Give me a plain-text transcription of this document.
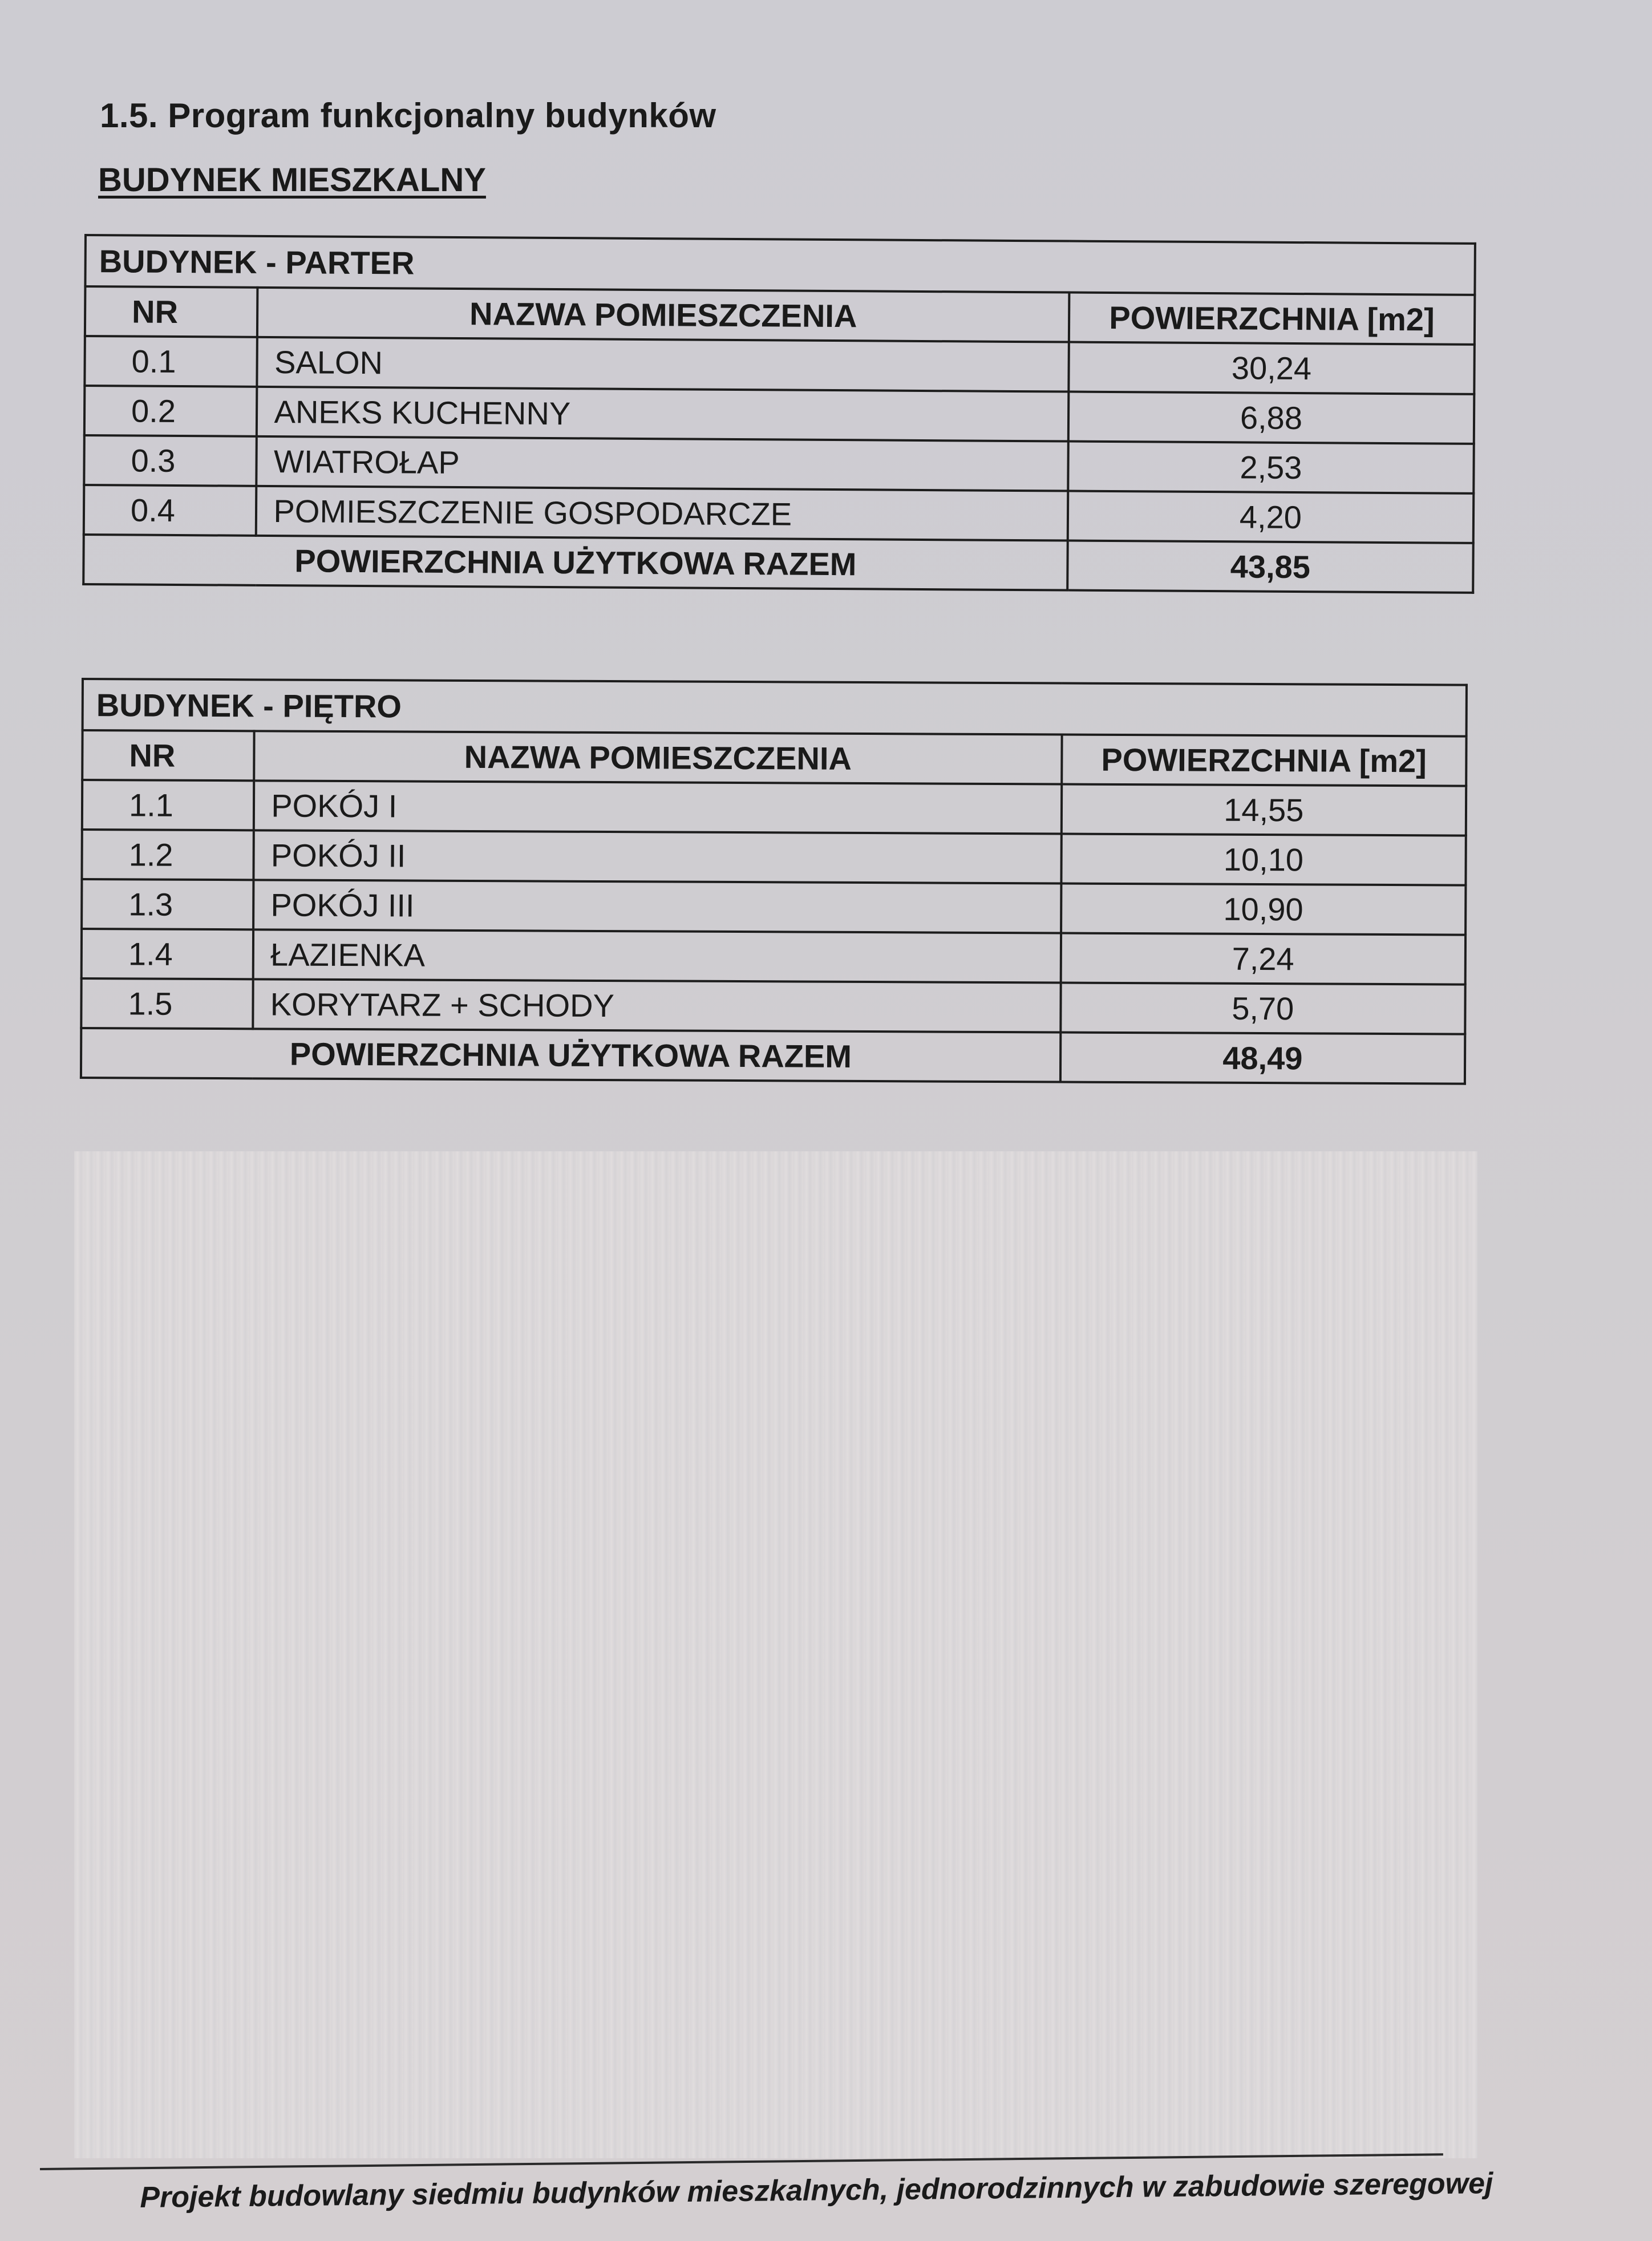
1.5. Program funkcjonalny budynków
BUDYNEK MIESZKALNY
BUDYNEK - PARTER		
NR	NAZWA POMIESZCZENIA	POWIERZCHNIA [m2]
0.1	SALON	30,24
0.2	ANEKS KUCHENNY	6,88
0.3	WIATROŁAP	2,53
0.4	POMIESZCZENIE GOSPODARCZE	4,20
POWIERZCHNIA UŻYTKOWA RAZEM		43,85
BUDYNEK - PIĘTRO		
NR	NAZWA POMIESZCZENIA	POWIERZCHNIA [m2]
1.1	POKÓJ I	14,55
1.2	POKÓJ II	10,10
1.3	POKÓJ III	10,90
1.4	ŁAZIENKA	7,24
1.5	KORYTARZ + SCHODY	5,70
POWIERZCHNIA UŻYTKOWA RAZEM		48,49
Projekt budowlany siedmiu budynków mieszkalnych, jednorodzinnych w zabudowie szeregowej
